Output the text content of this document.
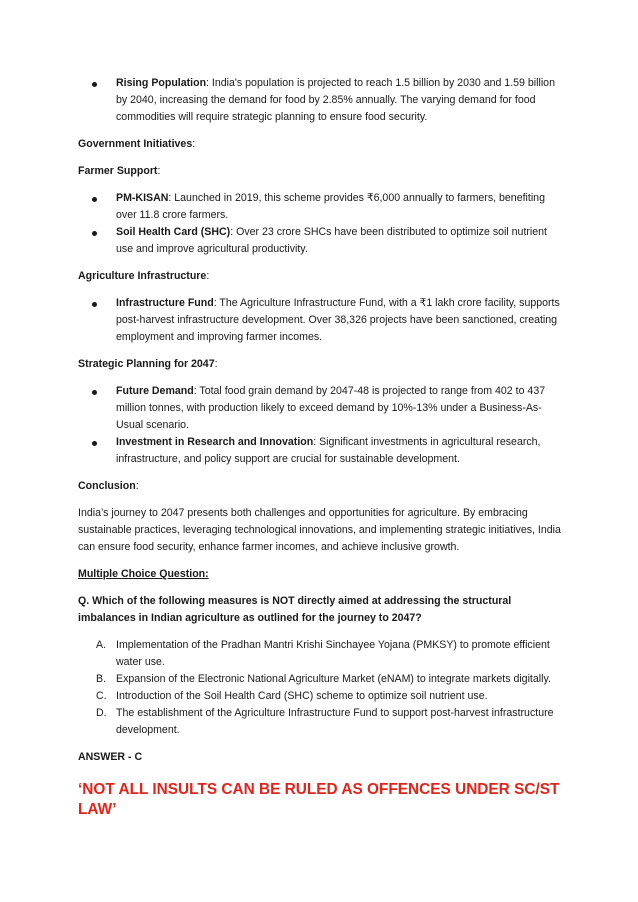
Rising Population: India's population is projected to reach 1.5 billion by 2030 and 1.59 billion by 2040, increasing the demand for food by 2.85% annually. The varying demand for food commodities will require strategic planning to ensure food security.
Government Initiatives:
Farmer Support:
PM-KISAN: Launched in 2019, this scheme provides ₹6,000 annually to farmers, benefiting over 11.8 crore farmers.
Soil Health Card (SHC): Over 23 crore SHCs have been distributed to optimize soil nutrient use and improve agricultural productivity.
Agriculture Infrastructure:
Infrastructure Fund: The Agriculture Infrastructure Fund, with a ₹1 lakh crore facility, supports post-harvest infrastructure development. Over 38,326 projects have been sanctioned, creating employment and improving farmer incomes.
Strategic Planning for 2047:
Future Demand: Total food grain demand by 2047-48 is projected to range from 402 to 437 million tonnes, with production likely to exceed demand by 10%-13% under a Business-As-Usual scenario.
Investment in Research and Innovation: Significant investments in agricultural research, infrastructure, and policy support are crucial for sustainable development.
Conclusion:
India’s journey to 2047 presents both challenges and opportunities for agriculture. By embracing sustainable practices, leveraging technological innovations, and implementing strategic initiatives, India can ensure food security, enhance farmer incomes, and achieve inclusive growth.
Multiple Choice Question:
Q. Which of the following measures is NOT directly aimed at addressing the structural imbalances in Indian agriculture as outlined for the journey to 2047?
A. Implementation of the Pradhan Mantri Krishi Sinchayee Yojana (PMKSY) to promote efficient water use.
B. Expansion of the Electronic National Agriculture Market (eNAM) to integrate markets digitally.
C. Introduction of the Soil Health Card (SHC) scheme to optimize soil nutrient use.
D. The establishment of the Agriculture Infrastructure Fund to support post-harvest infrastructure development.
ANSWER - C
‘NOT ALL INSULTS CAN BE RULED AS OFFENCES UNDER SC/ST LAW’
